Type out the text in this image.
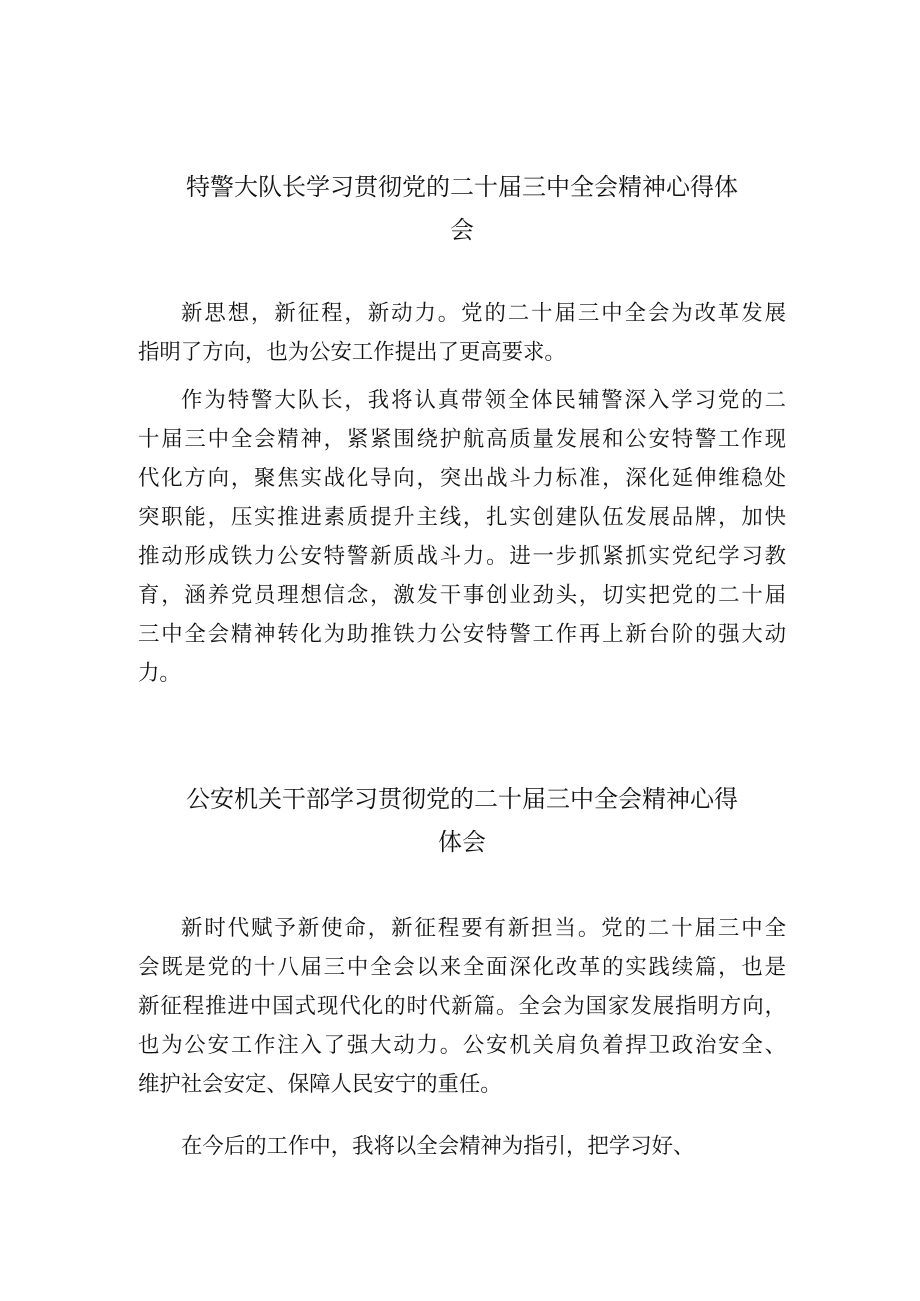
特警大队长学习贯彻党的二十届三中全会精神心得体
会

新思想，新征程，新动力。党的二十届三中全会为改革发展
指明了方向，也为公安工作提出了更高要求。

作为特警大队长，我将认真带领全体民辅警深入学习党的二
十届三中全会精神，紧紧围绕护航高质量发展和公安特警工作现
代化方向，聚焦实战化导向，突出战斗力标准，深化延伸维稳处
突职能，压实推进素质提升主线，扎实创建队伍发展品牌，加快
推动形成铁力公安特警新质战斗力。进一步抓紧抓实党纪学习教
育，涵养党员理想信念，激发干事创业劲头，切实把党的二十届
三中全会精神转化为助推铁力公安特警工作再上新台阶的强大动
力。

公安机关干部学习贯彻党的二十届三中全会精神心得
体会

新时代赋予新使命，新征程要有新担当。党的二十届三中全
会既是党的十八届三中全会以来全面深化改革的实践续篇，也是
新征程推进中国式现代化的时代新篇。全会为国家发展指明方向，
也为公安工作注入了强大动力。公安机关肩负着捍卫政治安全、
维护社会安定、保障人民安宁的重任。

在今后的工作中，我将以全会精神为指引，把学习好、
